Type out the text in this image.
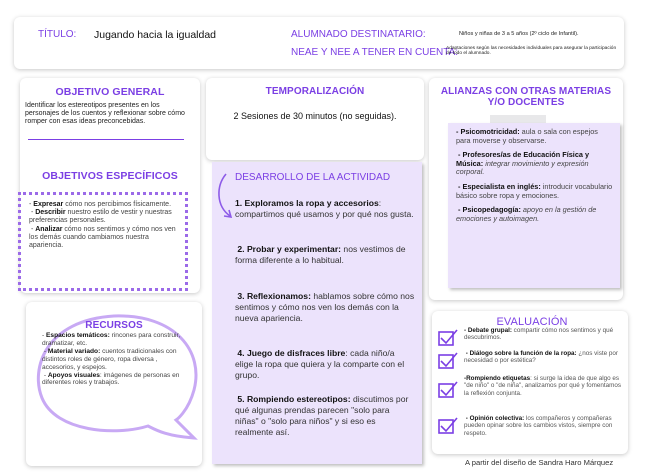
TÍTULO: Jugando hacia la igualdad	ALUMNADO DESTINATARIO:	Niños y niñas de 3 a 5 años (2º ciclo de Infantil).
NEAE Y NEE A TENER EN CUENTA:
Adaptaciones según las necesidades individuales para asegurar la participación de todo el alumnado.
OBJETIVO GENERAL
Identificar los estereotipos presentes en los personajes de los cuentos y reflexionar sobre cómo romper con esas ideas preconcebidas.
OBJETIVOS ESPECÍFICOS
- Expresar cómo nos percibimos físicamente.
- Describir nuestro estilo de vestir y nuestras preferencias personales.
- Analizar cómo nos sentimos y cómo nos ven los demás cuando cambiamos nuestra apariencia.
TEMPORALIZACIÓN
2 Sesiones de 30 minutos (no seguidas).
DESARROLLO DE LA ACTIVIDAD
1. Exploramos la ropa y accesorios: compartimos qué usamos y por qué nos gusta.
2. Probar y experimentar: nos vestimos de forma diferente a lo habitual.
3. Reflexionamos: hablamos sobre cómo nos sentimos y cómo nos ven los demás con la nueva apariencia.
4. Juego de disfraces libre: cada niño/a elige la ropa que quiera y la comparte con el grupo.
5. Rompiendo estereotipos: discutimos por qué algunas prendas parecen "solo para niñas" o "solo para niños" y si eso es realmente así.
ALIANZAS CON OTRAS MATERIAS
Y/O DOCENTES

- Psicomotricidad: aula o sala con espejos para moverse y observarse.

- Profesores/as de Educación Física y Música: integrar movimiento y expresión corporal.

- Especialista en inglés: introducir vocabulario básico sobre ropa y emociones.

- Psicopedagogía: apoyo en la gestión de emociones y autoimagen.

RECURSOS
- Espacios temáticos: rincones para construir, dramatizar, etc.
- Material variado: cuentos tradicionales con distintos roles de género, ropa diversa , accesorios, y espejos.
- Apoyos visuales: imágenes de personas en diferentes roles y trabajos.
EVALUACIÓN
- Debate grupal: compartir cómo nos sentimos y qué descubrimos.
- Diálogo sobre la función de la ropa: ¿nos viste por necesidad o por estética?
-Rompiendo etiquetas: si surge la idea de que algo es "de niño" o "de niña", analizamos por qué y fomentamos la reflexión conjunta.
- Opinión colectiva: los compañeros y compañeras pueden opinar sobre los cambios vistos, siempre con respeto.
A partir del diseño de Sandra Haro Márquez
